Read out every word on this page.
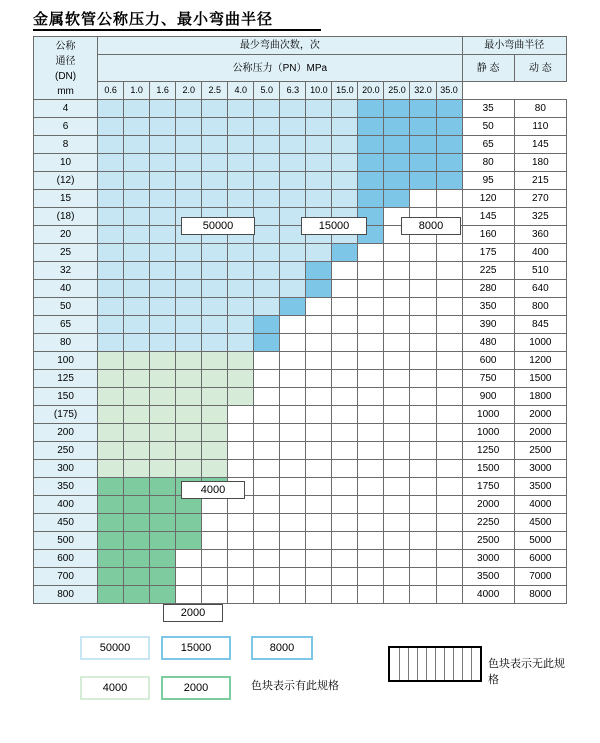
金属软管公称压力、最小弯曲半径
公称
通径
(DN)
mm	最少弯曲次数，次														最小弯曲半径	
	公称压力（PN）MPa														静 态	动 态

	0.6	1.0	1.6	2.0	2.5	4.0	5.0	6.3	10.0	15.0	20.0	25.0	32.0	35.0		
4															35	80
6															50	110
8															65	145
10															80	180
(12)															95	215
15															120	270
(18)															145	325
20															160	360
25															175	400
32															225	510
40															280	640
50															350	800
65															390	845
80															480	1000
100															600	1200
125															750	1500
150															900	1800
(175)															1000	2000
200															1000	2000
250															1250	2500
300															1500	3000
350															1750	3500
400															2000	4000
450															2250	4500
500															2500	5000
600															3000	6000
700															3500	7000
800															4000	8000
50000	15000	8000
4000
2000
50000	15000	8000
4000	2000	色块表示有此规格
色块表示无此规格
